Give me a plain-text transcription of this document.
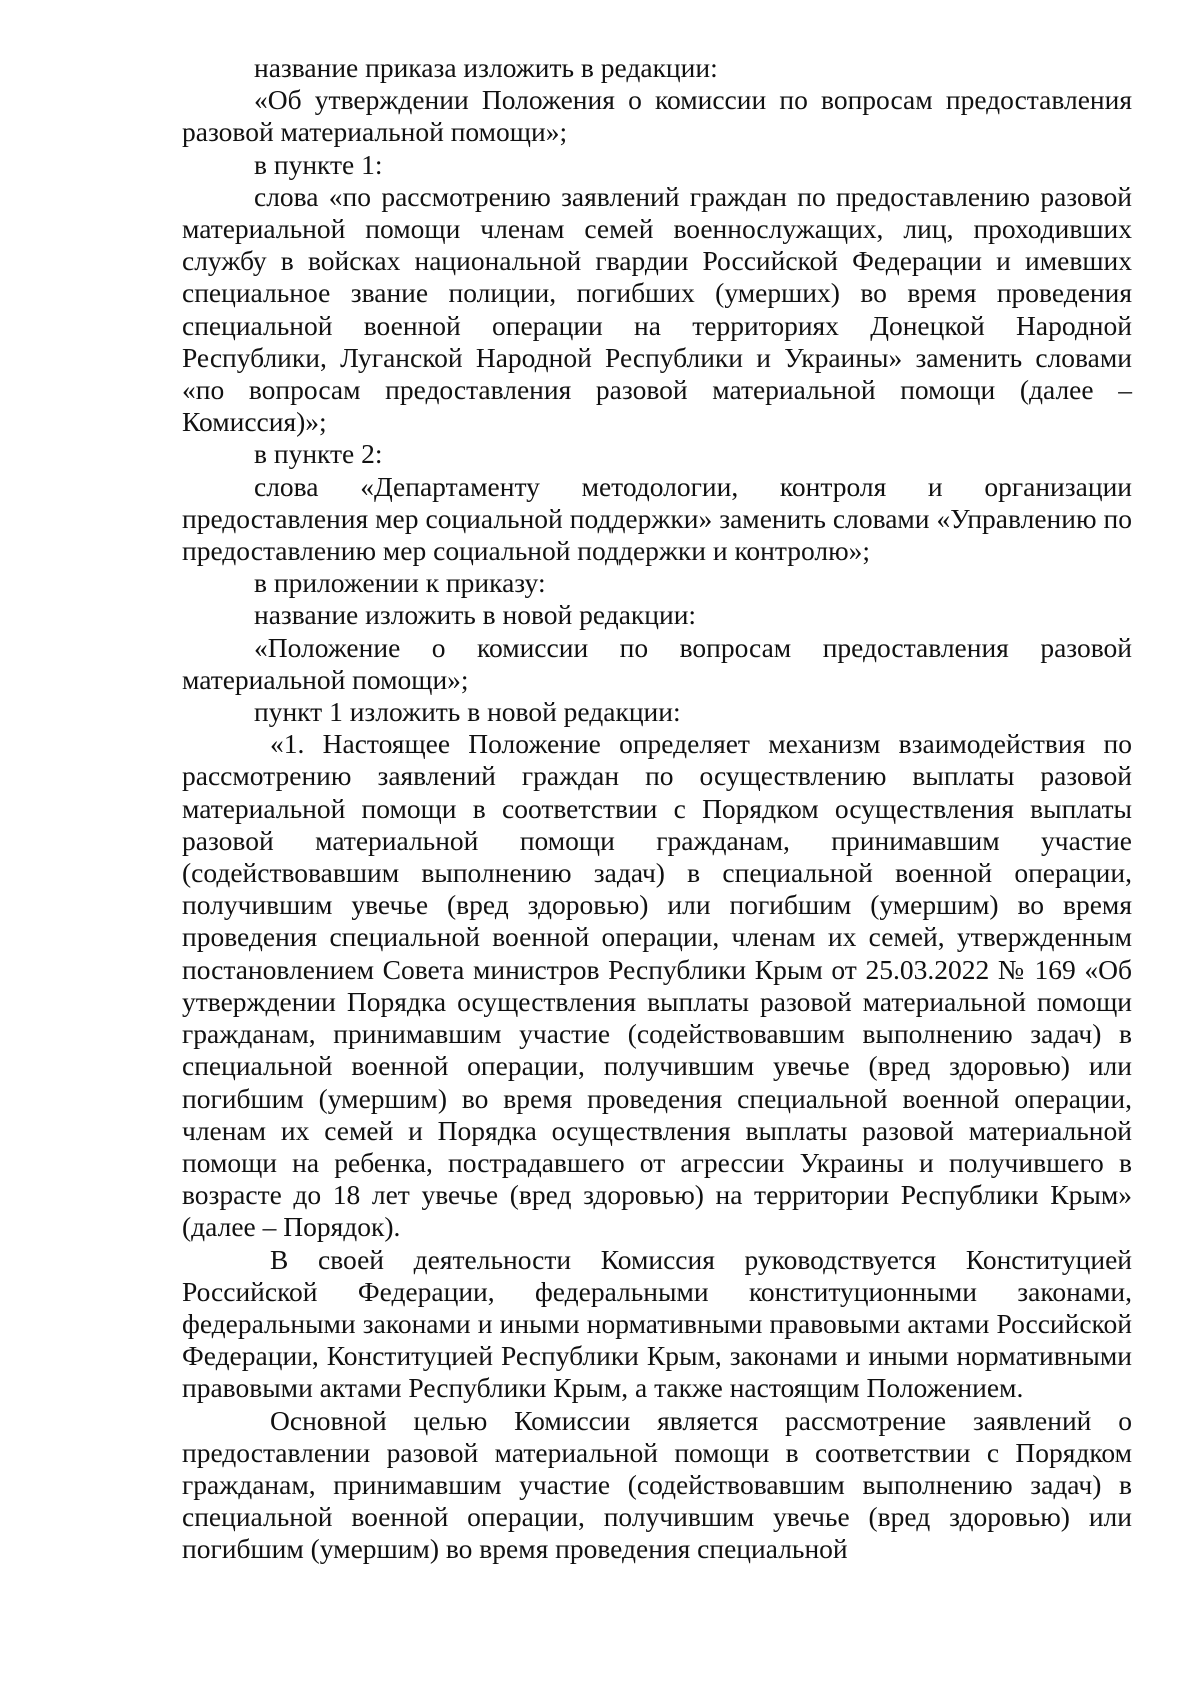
название приказа изложить в редакции:

«Об утверждении Положения о комиссии по вопросам предоставления разовой материальной помощи»;

в пункте 1:

слова «по рассмотрению заявлений граждан по предоставлению разовой материальной помощи членам семей военнослужащих, лиц, проходивших службу в войсках национальной гвардии Российской Федерации и имевших специальное звание полиции, погибших (умерших) во время проведения специальной военной операции на территориях Донецкой Народной Республики, Луганской Народной Республики и Украины» заменить словами «по вопросам предоставления разовой материальной помощи (далее – Комиссия)»;

в пункте 2:

слова «Департаменту методологии, контроля и организации предоставления мер социальной поддержки» заменить словами «Управлению по предоставлению мер социальной поддержки и контролю»;

в приложении к приказу:

название изложить в новой редакции:

«Положение о комиссии по вопросам предоставления разовой материальной помощи»;

пункт 1 изложить в новой редакции:

«1. Настоящее Положение определяет механизм взаимодействия по рассмотрению заявлений граждан по осуществлению выплаты разовой материальной помощи в соответствии с Порядком осуществления выплаты разовой материальной помощи гражданам, принимавшим участие (содействовавшим выполнению задач) в специальной военной операции, получившим увечье (вред здоровью) или погибшим (умершим) во время проведения специальной военной операции, членам их семей, утвержденным постановлением Совета министров Республики Крым от 25.03.2022 № 169 «Об утверждении Порядка осуществления выплаты разовой материальной помощи гражданам, принимавшим участие (содействовавшим выполнению задач) в специальной военной операции, получившим увечье (вред здоровью) или погибшим (умершим) во время проведения специальной военной операции, членам их семей и Порядка осуществления выплаты разовой материальной помощи на ребенка, пострадавшего от агрессии Украины и получившего в возрасте до 18 лет увечье (вред здоровью) на территории Республики Крым» (далее – Порядок).

В своей деятельности Комиссия руководствуется Конституцией Российской Федерации, федеральными конституционными законами, федеральными законами и иными нормативными правовыми актами Российской Федерации, Конституцией Республики Крым, законами и иными нормативными правовыми актами Республики Крым, а также настоящим Положением.

Основной целью Комиссии является рассмотрение заявлений о предоставлении разовой материальной помощи в соответствии с Порядком гражданам, принимавшим участие (содействовавшим выполнению задач) в специальной военной операции, получившим увечье (вред здоровью) или погибшим (умершим) во время проведения специальной
